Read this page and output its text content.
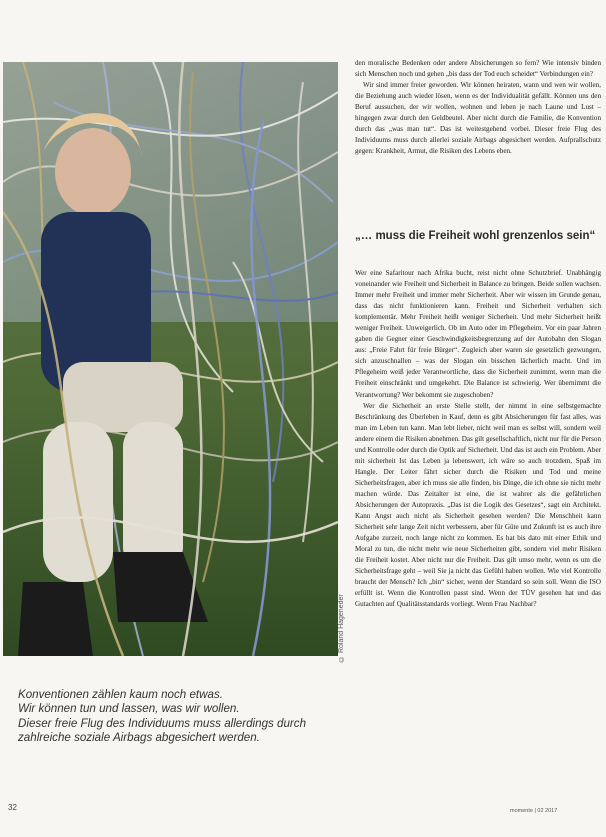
© Roland Hageneder
Konventionen zählen kaum noch etwas.
Wir können tun und lassen, was wir wollen.
Dieser freie Flug des Individuums muss allerdings durch
zahlreiche soziale Airbags abgesichert werden.

den moralische Bedenken oder andere Absicherungen so fern? Wie intensiv binden sich Menschen noch und gehen „bis dass der Tod euch scheidet“ Verbindungen ein?

Wir sind immer freier geworden. Wir können heiraten, wann und wen wir wollen, die Beziehung auch wieder lösen, wenn es der Individualität gefällt. Können uns den Beruf aussuchen, der wir wollen, wohnen und leben je nach Laune und Lust – hingegen zwar durch den Geldbeutel. Aber nicht durch die Familie, die Konvention durch das „was man tut“. Das ist weitestgehend vorbei. Dieser freie Flug des Individuums muss durch allerlei soziale Airbags abgesichert werden. Aufprallschutz gegen: Krankheit, Armut, die Risiken des Lebens eben.

„… muss die Freiheit wohl grenzenlos sein“

Wer eine Safaritour nach Afrika bucht, reist nicht ohne Schutzbrief. Unabhängig voneinander wie Freiheit und Sicherheit in Balance zu bringen. Beide sollen wachsen. Immer mehr Freiheit und immer mehr Sicherheit. Aber wir wissen im Grunde genau, dass das nicht funktionieren kann. Freiheit und Sicherheit verhalten sich komplementär. Mehr Freiheit heißt weniger Sicherheit. Und mehr Sicherheit heißt weniger Freiheit. Unweigerlich. Ob im Auto oder im Pflegeheim. Vor ein paar Jahren gaben die Gegner einer Geschwindigkeitsbegrenzung auf der Autobahn den Slogan aus: „Freie Fahrt für freie Bürger“. Zugleich aber waren sie gesetzlich gezwungen, sich anzuschnallen – was der Slogan ein bisschen lächerlich macht. Und im Pflegeheim weiß jeder Verantwortliche, dass die Sicherheit zunimmt, wenn man die Freiheit einschränkt und umgekehrt. Die Balance ist schwierig. Wer übernimmt die Verantwortung? Wer bekommt sie zugeschoben?

Wer die Sicherheit an erste Stelle stellt, der nimmt in eine selbstgemachte Beschränkung des Überleben in Kauf, denn es gibt Absicherungen für fast alles, was man im Leben tun kann. Man lebt lieber, nicht weil man es selbst will, sondern weil andere einem die Risiken abnehmen. Das gilt gesellschaftlich, nicht nur für die Person und Kontrolle oder durch die Optik auf Sicherheit. Und das ist auch ein Problem. Aber mit sicherheit Ist das Leben ja lebenswert, ich wäre so auch trotzdem, Spaß im Hangle. Der Leiter fährt sicher durch die Risiken und Tod und meine Sicherheitsfragen, aber ich muss sie alle finden, bis Dinge, die ich ohne sie nicht mehr machen würde. Das Zeitalter ist eine, die ist wahrer als die gefährlichen Absicherungen der Autopraxis. „Das ist die Logik des Gesetzes“, sagt ein Architekt. Kann Angst auch nicht als Sicherheit gesehen werden? Die Menschheit kann Sicherheit sehr lange Zeit nicht verbessern, aber für Güte und Zukunft ist es auch ihre Aufgabe zurzeit, noch lange nicht zu kommen. Es hat bis dato mit einer Ethik und Moral zu tun, die nicht mehr wie neue Sicherheiten gibt, sondern viel mehr Risiken die Freiheit kostet. Aber nicht nur die Freiheit. Das gilt umso mehr, wenn es um die Sicherheitsfrage geht – weil Sie ja nicht das Gefühl haben wollen. Wie viel Kontrolle braucht der Mensch? Ich „bin“ sicher, wenn der Standard so sein soll. Wenn die ISO erfüllt ist. Wenn die Kontrollen passt sind. Wenn der TÜV gesehen hat und das Gutachten auf Qualitätsstandards vorliegt. Wenn Frau Nachbar?

32	momente | 02 2017
